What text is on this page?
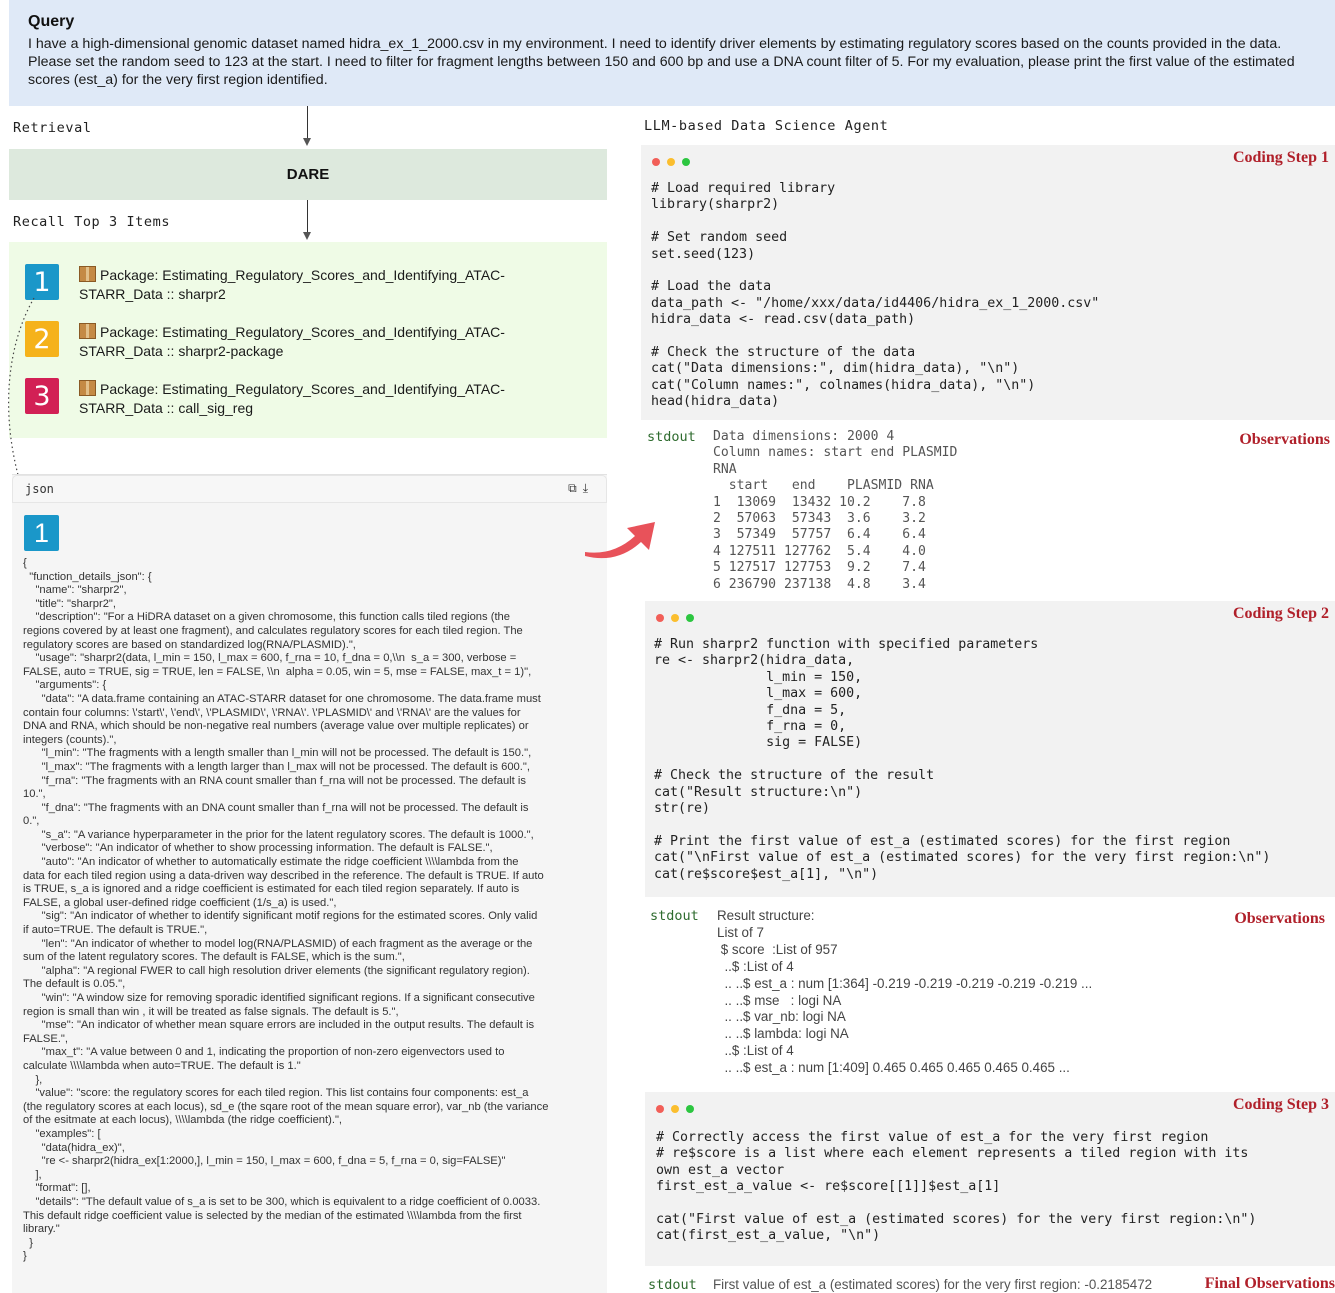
Query
I have a high-dimensional genomic dataset named hidra_ex_1_2000.csv in my environment. I need to identify driver elements by estimating regulatory scores based on the counts provided in the data. Please set the random seed to 123 at the start. I need to filter for fragment lengths between 150 and 600 bp and use a DNA count filter of 5. For my evaluation, please print the first value of the estimated scores (est_a) for the very first region identified.
Retrieval
DARE
Recall Top 3 Items
1	Package: Estimating_Regulatory_Scores_and_Identifying_ATAC-
STARR_Data :: sharpr2
2	Package: Estimating_Regulatory_Scores_and_Identifying_ATAC-
STARR_Data :: sharpr2-package
3	Package: Estimating_Regulatory_Scores_and_Identifying_ATAC-
STARR_Data :: call_sig_reg
json	⧉⤓
1
{
"function_details_json": {
"name": "sharpr2",
"title": "sharpr2",
"description": "For a HiDRA dataset on a given chromosome, this function calls tiled regions (the
regions covered by at least one fragment), and calculates regulatory scores for each tiled region. The
regulatory scores are based on standardized log(RNA/PLASMID).",
"usage": "sharpr2(data, l_min = 150, l_max = 600, f_rna = 10, f_dna = 0,\\n  s_a = 300, verbose =
FALSE, auto = TRUE, sig = TRUE, len = FALSE, \\n  alpha = 0.05, win = 5, mse = FALSE, max_t = 1)",
"arguments": {
"data": "A data.frame containing an ATAC-STARR dataset for one chromosome. The data.frame must
contain four columns: \'start\', \'end\', \'PLASMID\', \'RNA\'. \'PLASMID\' and \'RNA\' are the values for
DNA and RNA, which should be non-negative real numbers (average value over multiple replicates) or
integers (counts).",
"l_min": "The fragments with a length smaller than l_min will not be processed. The default is 150.",
"l_max": "The fragments with a length larger than l_max will not be processed. The default is 600.",
"f_rna": "The fragments with an RNA count smaller than f_rna will not be processed. The default is
10.",
"f_dna": "The fragments with an DNA count smaller than f_rna will not be processed. The default is
0.",
"s_a": "A variance hyperparameter in the prior for the latent regulatory scores. The default is 1000.",
"verbose": "An indicator of whether to show processing information. The default is FALSE.",
"auto": "An indicator of whether to automatically estimate the ridge coefficient \\\\lambda from the
data for each tiled region using a data-driven way described in the reference. The default is TRUE. If auto
is TRUE, s_a is ignored and a ridge coefficient is estimated for each tiled region separately. If auto is
FALSE, a global user-defined ridge coefficient (1/s_a) is used.",
"sig": "An indicator of whether to identify significant motif regions for the estimated scores. Only valid
if auto=TRUE. The default is TRUE.",
"len": "An indicator of whether to model log(RNA/PLASMID) of each fragment as the average or the
sum of the latent regulatory scores. The default is FALSE, which is the sum.",
"alpha": "A regional FWER to call high resolution driver elements (the significant regulatory region).
The default is 0.05.",
"win": "A window size for removing sporadic identified significant regions. If a significant consecutive
region is small than win , it will be treated as false signals. The default is 5.",
"mse": "An indicator of whether mean square errors are included in the output results. The default is
FALSE.",
"max_t": "A value between 0 and 1, indicating the proportion of non-zero eigenvectors used to
calculate \\\\lambda when auto=TRUE. The default is 1."
},
"value": "score: the regulatory scores for each tiled region. This list contains four components: est_a
(the regulatory scores at each locus), sd_e (the sqare root of the mean square error), var_nb (the variance
of the esitmate at each locus), \\\\lambda (the ridge coefficient).",
"examples": [
"data(hidra_ex)",
"re <- sharpr2(hidra_ex[1:2000,], l_min = 150, l_max = 600, f_dna = 5, f_rna = 0, sig=FALSE)"
],
"format": [],
"details": "The default value of s_a is set to be 300, which is equivalent to a ridge coefficient of 0.0033.
This default ridge coefficient value is selected by the median of the estimated \\\\lambda from the first
library."
}
}
LLM-based Data Science Agent
Coding Step 1
# Load required library
library(sharpr2)

# Set random seed
set.seed(123)

# Load the data
data_path <- "/home/xxx/data/id4406/hidra_ex_1_2000.csv"
hidra_data <- read.csv(data_path)

# Check the structure of the data
cat("Data dimensions:", dim(hidra_data), "\n")
cat("Column names:", colnames(hidra_data), "\n")
head(hidra_data)
stdout	Observations
Data dimensions: 2000 4
Column names: start end PLASMID
RNA
start   end    PLASMID RNA
1  13069  13432 10.2    7.8
2  57063  57343  3.6    3.2
3  57349  57757  6.4    6.4
4 127511 127762  5.4    4.0
5 127517 127753  9.2    7.4
6 236790 237138  4.8    3.4
Coding Step 2
# Run sharpr2 function with specified parameters
re <- sharpr2(hidra_data,
l_min = 150,
l_max = 600,
f_dna = 5,
f_rna = 0,
sig = FALSE)

# Check the structure of the result
cat("Result structure:\n")
str(re)

# Print the first value of est_a (estimated scores) for the first region
cat("\nFirst value of est_a (estimated scores) for the very first region:\n")
cat(re$score$est_a[1], "\n")
stdout	Observations
Result structure:
List of 7
$ score  :List of 957
..$ :List of 4
.. ..$ est_a : num [1:364] -0.219 -0.219 -0.219 -0.219 -0.219 ...
.. ..$ mse   : logi NA
.. ..$ var_nb: logi NA
.. ..$ lambda: logi NA
..$ :List of 4
.. ..$ est_a : num [1:409] 0.465 0.465 0.465 0.465 0.465 ...
Coding Step 3
# Correctly access the first value of est_a for the very first region
# re$score is a list where each element represents a tiled region with its
own est_a vector
first_est_a_value <- re$score[[1]]$est_a[1]

cat("First value of est_a (estimated scores) for the very first region:\n")
cat(first_est_a_value, "\n")
stdout First value of est_a (estimated scores) for the very first region: -0.2185472	Final Observations
